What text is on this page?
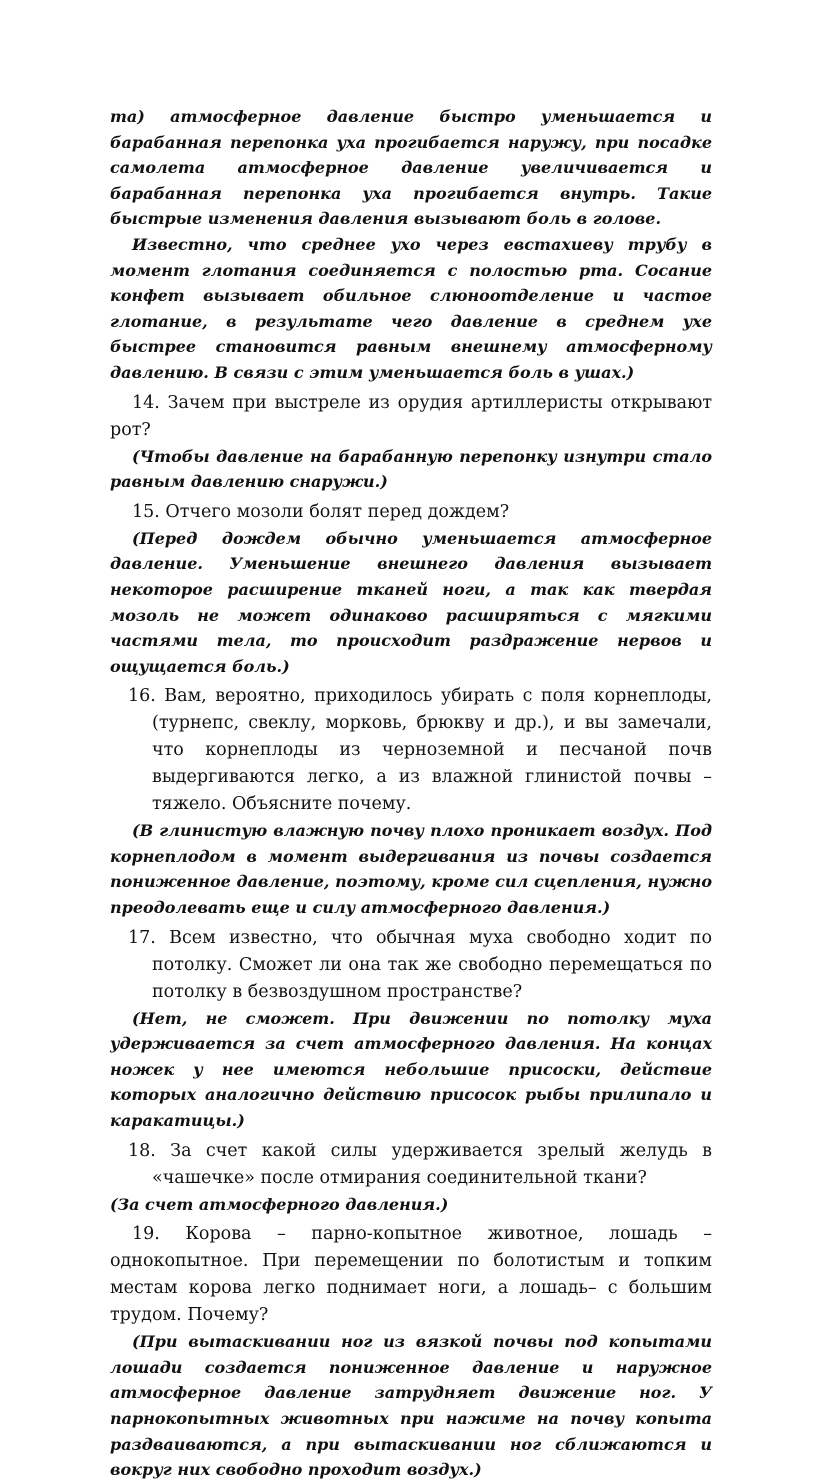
та) атмосферное давление быстро уменьшается и барабанная перепонка уха прогибается наружу, при посадке самолета атмосферное давление увеличивается и барабанная перепонка уха прогибается внутрь. Такие быстрые изменения давления вызывают боль в голове.

Известно, что среднее ухо через евстахиеву трубу в момент глотания соединяется с полостью рта. Сосание конфет вызывает обильное слюноотделение и частое глотание, в результате чего давление в среднем ухе быстрее становится равным внешнему атмосферному давлению. В связи с этим уменьшается боль в ушах.)

14. Зачем при выстреле из орудия артиллеристы открывают рот?

(Чтобы давление на барабанную перепонку изнутри стало равным давлению снаружи.)

15. Отчего мозоли болят перед дождем?

(Перед дождем обычно уменьшается атмосферное давление. Уменьшение внешнего давления вызывает некоторое расширение тканей ноги, а так как твердая мозоль не может одинаково расширяться с мягкими частями тела, то происходит раздражение нервов и ощущается боль.)

16. Вам, вероятно, приходилось убирать с поля корнеплоды, (турнепс, свеклу, морковь, брюкву и др.), и вы замечали, что корнеплоды из черноземной и песчаной почв выдергиваются легко, а из влажной глинистой почвы – тяжело. Объясните почему.

(В глинистую влажную почву плохо проникает воздух. Под корнеплодом в момент выдергивания из почвы создается пониженное давление, поэтому, кроме сил сцепления, нужно преодолевать еще и силу атмосферного давления.)

17. Всем известно, что обычная муха свободно ходит по потолку. Сможет ли она так же свободно перемещаться по потолку в безвоздушном пространстве?

(Нет, не сможет. При движении по потолку муха удерживается за счет атмосферного давления. На концах ножек у нее имеются небольшие присоски, действие которых аналогично действию присосок рыбы прилипало и каракатицы.)

18. За счет какой силы удерживается зрелый желудь в «чашечке» после отмирания соединительной ткани?

(За счет атмосферного давления.)

19. Корова – парно-копытное животное, лошадь – однокопытное. При перемещении по болотистым и топким местам корова легко поднимает ноги, а лошадь– с большим трудом. Почему?

(При вытаскивании ног из вязкой почвы под копытами лошади создается пониженное давление и наружное атмосферное давление затрудняет движение ног. У парнокопытных животных при нажиме на почву копыта раздваиваются, а при вытаскивании ног сближаются и вокруг них свободно проходит воздух.)
